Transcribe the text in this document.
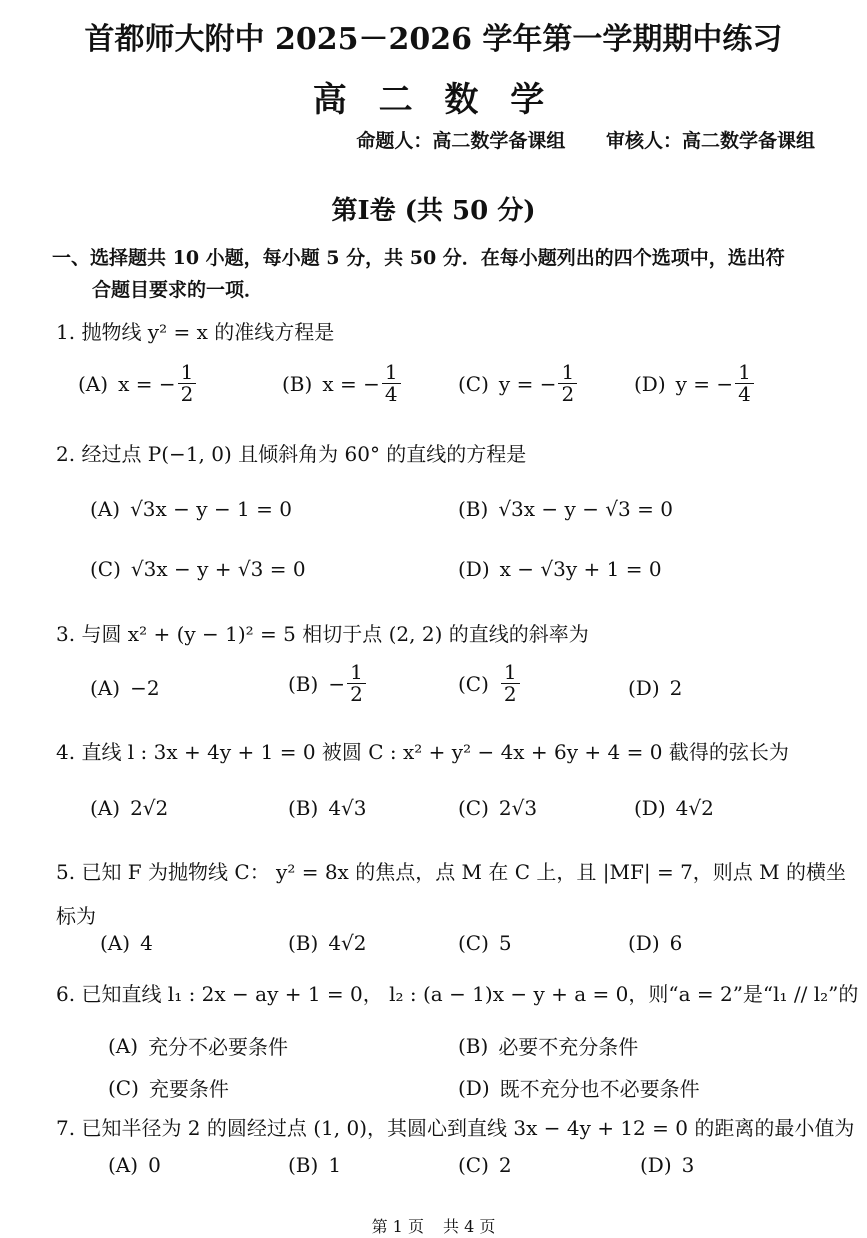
首都师大附中 2025－2026 学年第一学期期中练习
高 二 数 学
命题人：高二数学备课组 审核人：高二数学备课组
第I卷 (共 50 分)
一、选择题共 10 小题，每小题 5 分，共 50 分．在每小题列出的四个选项中，选出符
合题目要求的一项．
1. 抛物线 y² = x 的准线方程是
(A) x = − $\frac{1}{2}$	(B) x = − $\frac{1}{4}$	(C) y = − $\frac{1}{2}$	(D) y = − $\frac{1}{4}$
2. 经过点 P(−1, 0) 且倾斜角为 60° 的直线的方程是
(A) √3x − y − 1 = 0	(B) √3x − y − √3 = 0
(C) √3x − y + √3 = 0	(D) x − √3y + 1 = 0
3. 与圆 x² + (y − 1)² = 5 相切于点 (2, 2) 的直线的斜率为
(A) −2	$(B) - \frac{1}{2}$	$(C) \frac{1}{2}$	(D) 2
4. 直线 l : 3x + 4y + 1 = 0 被圆 C : x² + y² − 4x + 6y + 4 = 0 截得的弦长为
(A) 2√2	(B) 4√3	(C) 2√3	(D) 4√2
5. 已知 F 为抛物线 C： y² = 8x 的焦点，点 M 在 C 上，且 |MF| = 7，则点 M 的横坐
标为
(A) 4	(B) 4√2	(C) 5	(D) 6
6. 已知直线 l₁ : 2x − ay + 1 = 0， l₂ : (a − 1)x − y + a = 0，则“a = 2”是“l₁ // l₂”的
(A) 充分不必要条件	(B) 必要不充分条件
(C) 充要条件	(D) 既不充分也不必要条件
7. 已知半径为 2 的圆经过点 (1, 0)，其圆心到直线 3x − 4y + 12 = 0 的距离的最小值为
(A) 0	(B) 1	(C) 2	(D) 3
第 1 页 共 4 页
